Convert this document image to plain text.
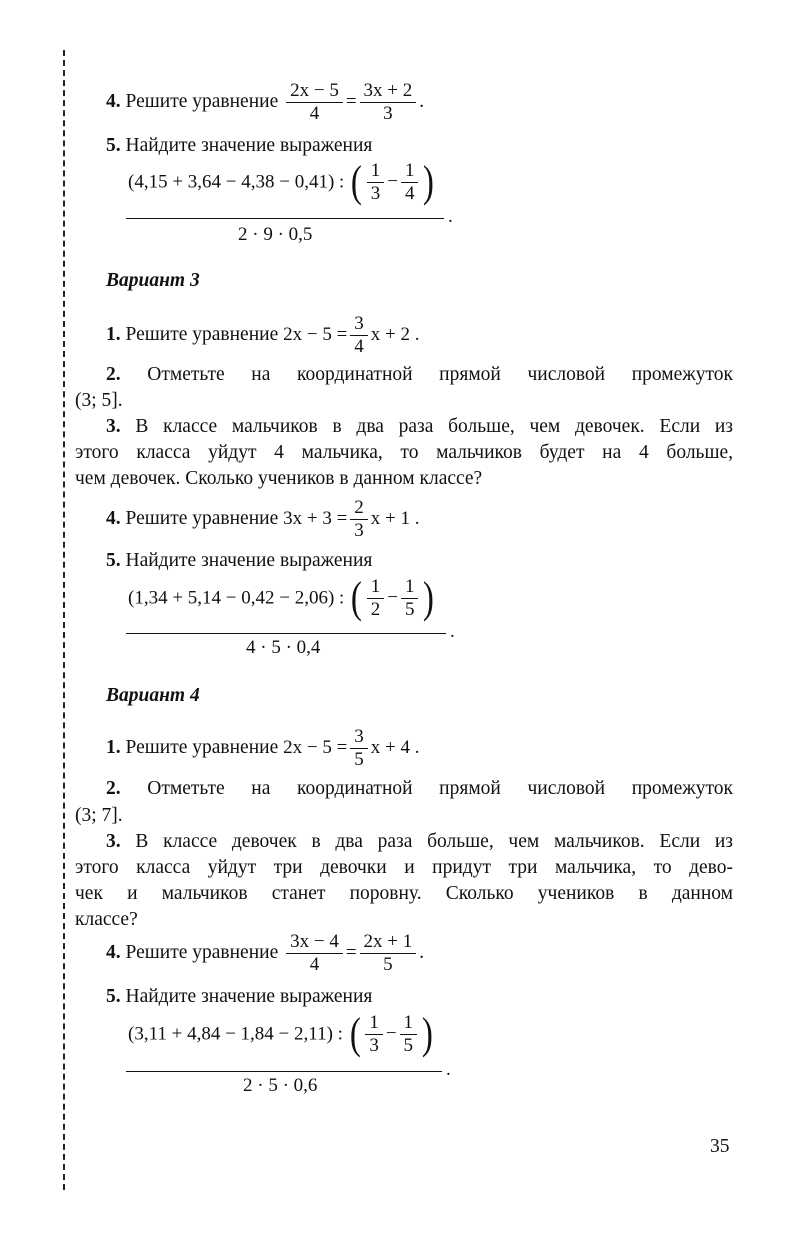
4. Решите уравнение $\frac{2x - 5}{4} = \frac{3x + 2}{3}$ .
5. Найдите значение выражения
(4,15 + 3,64 − 4,38 − 0,41) : ( $\frac{1}{3} - \frac{1}{4}$ )
.
2 · 9 · 0,5
Вариант 3
1. Решите уравнение $2x - 5 = \frac{3}{4}$ x + 2 .
2. Отметьте на координатной прямой числовой промежуток
(3; 5].
3. В классе мальчиков в два раза больше, чем девочек. Если из
этого класса уйдут 4 мальчика, то мальчиков будет на 4 больше,
чем девочек. Сколько учеников в данном классе?
4. Решите уравнение $3x + 3 = \frac{2}{3}$ x + 1 .
5. Найдите значение выражения
(1,34 + 5,14 − 0,42 − 2,06) : ( $\frac{1}{2} - \frac{1}{5}$ )
.
4 · 5 · 0,4
Вариант 4
1. Решите уравнение $2x - 5 = \frac{3}{5}$ x + 4 .
2. Отметьте на координатной прямой числовой промежуток
(3; 7].
3. В классе девочек в два раза больше, чем мальчиков. Если из
этого класса уйдут три девочки и придут три мальчика, то дево-
чек и мальчиков станет поровну. Сколько учеников в данном
классе?
4. Решите уравнение $\frac{3x - 4}{4} = \frac{2x + 1}{5}$ .
5. Найдите значение выражения
(3,11 + 4,84 − 1,84 − 2,11) : ( $\frac{1}{3} - \frac{1}{5}$ )
.
2 · 5 · 0,6
35
